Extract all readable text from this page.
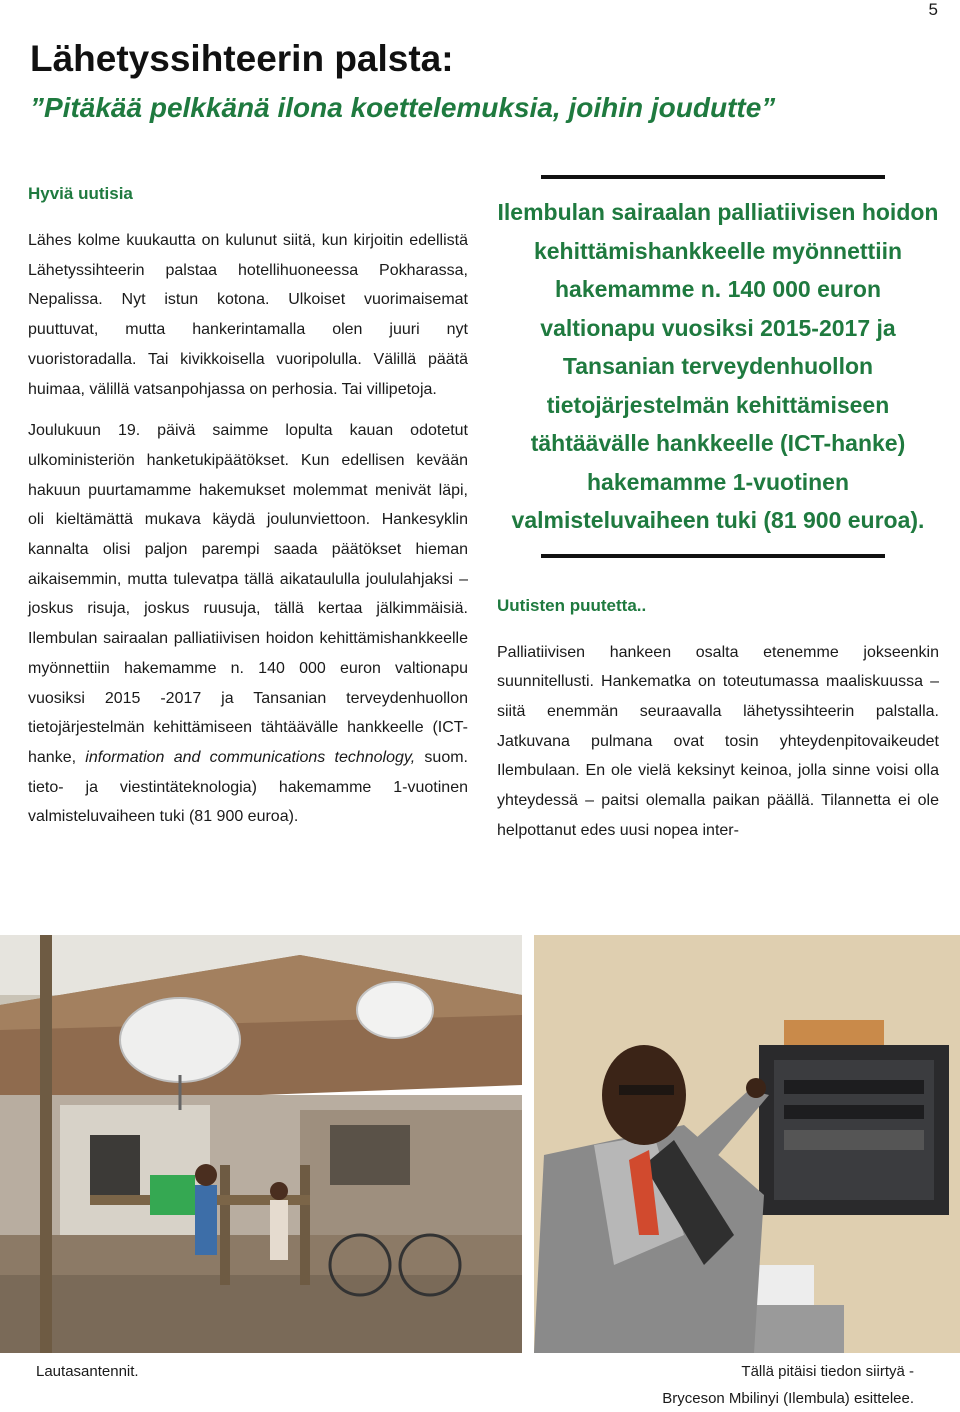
5
Lähetyssihteerin palsta:
”Pitäkää pelkkänä ilona koettelemuksia, joihin joudutte”

Hyviä uutisia

Lähes kolme kuukautta on kulunut siitä, kun kirjoitin edellistä Lähetyssihteerin palstaa hotellihuoneessa Pokharassa, Nepalissa. Nyt istun kotona. Ulkoiset vuorimaisemat puuttuvat, mutta hankerintamalla olen juuri nyt vuoristoradalla. Tai kivikkoisella vuoripolulla. Välillä päätä huimaa, välillä vatsanpohjassa on perhosia. Tai villipetoja.

Joulukuun 19. päivä saimme lopulta kauan odotetut ulkoministeriön hanketukipäätökset. Kun edellisen kevään hakuun puurtamamme hakemukset molemmat menivät läpi, oli kieltämättä mukava käydä joulunviettoon. Hankesyklin kannalta olisi paljon parempi saada päätökset hieman aikaisemmin, mutta tulevatpa tällä aikataululla joululahjaksi – joskus risuja, joskus ruusuja, tällä kertaa jälkimmäisiä. Ilembulan sairaalan palliatiivisen hoidon kehittämishankkeelle myönnettiin hakemamme n. 140 000 euron valtionapu vuosiksi 2015 -2017 ja Tansanian terveydenhuollon tietojärjestelmän kehittämiseen tähtäävälle hankkeelle (ICT-hanke, information and communications technology, suom. tieto- ja viestintäteknologia) hakemamme 1-vuotinen valmisteluvaiheen tuki (81 900 euroa).

Ilembulan sairaalan palliatiivisen hoidon kehittämishankkeelle myönnettiin hakemamme n. 140 000 euron valtionapu vuosiksi 2015-2017 ja Tansanian terveydenhuollon tietojärjestelmän kehittämiseen tähtäävälle hankkeelle (ICT-hanke) hakemamme 1-vuotinen valmisteluvaiheen tuki (81 900 euroa).

Uutisten puutetta..

Palliatiivisen hankeen osalta etenemme jokseenkin suunnitellusti. Hankematka on toteutumassa maaliskuussa – siitä enemmän seuraavalla lähetyssihteerin palstalla. Jatkuvana pulmana ovat tosin yhteydenpitovaikeudet Ilembulaan. En ole vielä keksinyt keinoa, jolla sinne voisi olla yhteydessä – paitsi olemalla paikan päällä. Tilannetta ei ole helpottanut edes uusi nopea inter-

Lautasantennit.	Tällä pitäisi tiedon siirtyä -
Bryceson Mbilinyi (Ilembula) esittelee.
